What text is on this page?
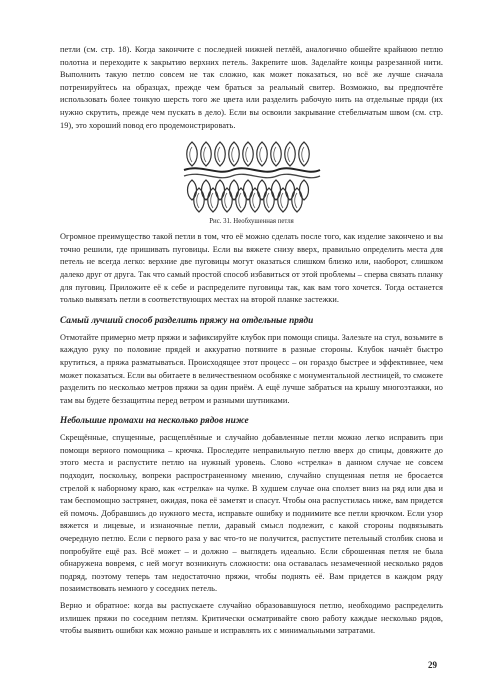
петли (см. стр. 18). Когда закончите с последней нижней петлёй, аналогично обшейте крайнюю петлю полотна и переходите к закрытию верхних петель. Закрепите шов. Заделайте концы разрезанной нити. Выполнить такую петлю совсем не так сложно, как может показаться, но всё же лучше сначала потренируйтесь на образцах, прежде чем браться за реальный свитер. Возможно, вы предпочтёте использовать более тонкую шерсть того же цвета или разделить рабочую нить на отдельные пряди (их нужно скрутить, прежде чем пускать в дело). Если вы освоили закрывание стебельчатым швом (см. стр. 19), это хороший повод его продемонстрировать.

Рис. 31. Необхушенная петля

Огромное преимущество такой петли в том, что её можно сделать после того, как изделие закончено и вы точно решили, где пришивать пуговицы. Если вы вяжете снизу вверх, правильно определить места для петель не всегда легко: верхние две пуговицы могут оказаться слишком близко или, наоборот, слишком далеко друг от друга. Так что самый простой способ избавиться от этой проблемы – сперва связать планку для пуговиц. Приложите её к себе и распределите пуговицы так, как вам того хочется. Тогда останется только вывязать петли в соответствующих местах на второй планке застежки.

Самый лучший способ разделить пряжу на отдельные пряди

Отмотайте примерно метр пряжи и зафиксируйте клубок при помощи спицы. Залезьте на стул, возьмите в каждую руку по половине прядей и аккуратно потяните в разные стороны. Клубок начнёт быстро крутиться, а пряжа разматываться. Происходящее этот процесс – он гораздо быстрее и эффективнее, чем может показаться. Если вы обитаете в величественном особняке с монументальной лестницей, то сможете разделить по несколько метров пряжи за один приём. А ещё лучше забраться на крышу многоэтажки, но там вы будете беззащитны перед ветром и разными шутниками.

Небольшие промахи на несколько рядов ниже

Скрещённые, спущенные, расщеплённые и случайно добавленные петли можно легко исправить при помощи верного помощника – крючка. Проследите неправильную петлю вверх до спицы, довяжите до этого места и распустите петлю на нужный уровень. Слово «стрелка» в данном случае не совсем подходит, поскольку, вопреки распространенному мнению, случайно спущенная петля не бросается стрелой к наборному краю, как «стрелка» на чулке. В худшем случае она сползет вниз на ряд или два и там беспомощно застрянет, ожидая, пока её заметят и спасут. Чтобы она распустилась ниже, вам придется ей помочь. Добравшись до нужного места, исправьте ошибку и поднимите все петли крючком. Если узор вяжется и лицевые, и изнаночные петли, даравый смысл подлежит, с какой стороны подвязывать очередную петлю. Если с первого раза у вас что-то не получится, распустите петельный столбик снова и попробуйте ещё раз. Всё может – и должно – выглядеть идеально. Если сброшенная петля не была обнаружена вовремя, с ней могут возникнуть сложности: она оставалась незамеченной несколько рядов подряд, поэтому теперь там недостаточно пряжи, чтобы поднять её. Вам придется в каждом ряду позаимствовать немного у соседних петель.

Верно и обратное: когда вы распускаете случайно образовавшуюся петлю, необходимо распределить излишек пряжи по соседним петлям. Критически осматривайте свою работу каждые несколько рядов, чтобы выявить ошибки как можно раньше и исправлять их с минимальными затратами.

29
